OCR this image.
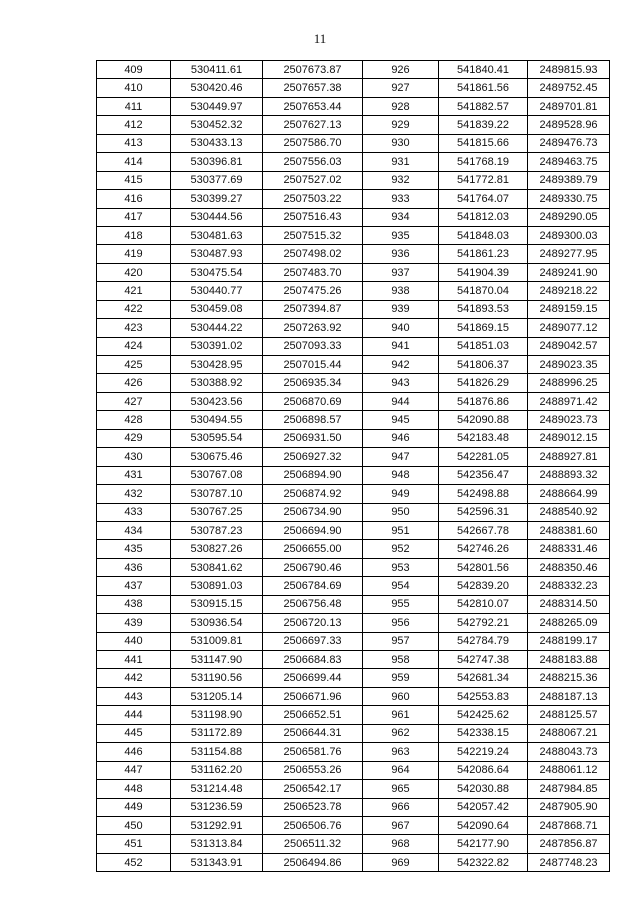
11
409	530411.61	2507673.87	926	541840.41	2489815.93
410	530420.46	2507657.38	927	541861.56	2489752.45
411	530449.97	2507653.44	928	541882.57	2489701.81
412	530452.32	2507627.13	929	541839.22	2489528.96
413	530433.13	2507586.70	930	541815.66	2489476.73
414	530396.81	2507556.03	931	541768.19	2489463.75
415	530377.69	2507527.02	932	541772.81	2489389.79
416	530399.27	2507503.22	933	541764.07	2489330.75
417	530444.56	2507516.43	934	541812.03	2489290.05
418	530481.63	2507515.32	935	541848.03	2489300.03
419	530487.93	2507498.02	936	541861.23	2489277.95
420	530475.54	2507483.70	937	541904.39	2489241.90
421	530440.77	2507475.26	938	541870.04	2489218.22
422	530459.08	2507394.87	939	541893.53	2489159.15
423	530444.22	2507263.92	940	541869.15	2489077.12
424	530391.02	2507093.33	941	541851.03	2489042.57
425	530428.95	2507015.44	942	541806.37	2489023.35
426	530388.92	2506935.34	943	541826.29	2488996.25
427	530423.56	2506870.69	944	541876.86	2488971.42
428	530494.55	2506898.57	945	542090.88	2489023.73
429	530595.54	2506931.50	946	542183.48	2489012.15
430	530675.46	2506927.32	947	542281.05	2488927.81
431	530767.08	2506894.90	948	542356.47	2488893.32
432	530787.10	2506874.92	949	542498.88	2488664.99
433	530767.25	2506734.90	950	542596.31	2488540.92
434	530787.23	2506694.90	951	542667.78	2488381.60
435	530827.26	2506655.00	952	542746.26	2488331.46
436	530841.62	2506790.46	953	542801.56	2488350.46
437	530891.03	2506784.69	954	542839.20	2488332.23
438	530915.15	2506756.48	955	542810.07	2488314.50
439	530936.54	2506720.13	956	542792.21	2488265.09
440	531009.81	2506697.33	957	542784.79	2488199.17
441	531147.90	2506684.83	958	542747.38	2488183.88
442	531190.56	2506699.44	959	542681.34	2488215.36
443	531205.14	2506671.96	960	542553.83	2488187.13
444	531198.90	2506652.51	961	542425.62	2488125.57
445	531172.89	2506644.31	962	542338.15	2488067.21
446	531154.88	2506581.76	963	542219.24	2488043.73
447	531162.20	2506553.26	964	542086.64	2488061.12
448	531214.48	2506542.17	965	542030.88	2487984.85
449	531236.59	2506523.78	966	542057.42	2487905.90
450	531292.91	2506506.76	967	542090.64	2487868.71
451	531313.84	2506511.32	968	542177.90	2487856.87
452	531343.91	2506494.86	969	542322.82	2487748.23
